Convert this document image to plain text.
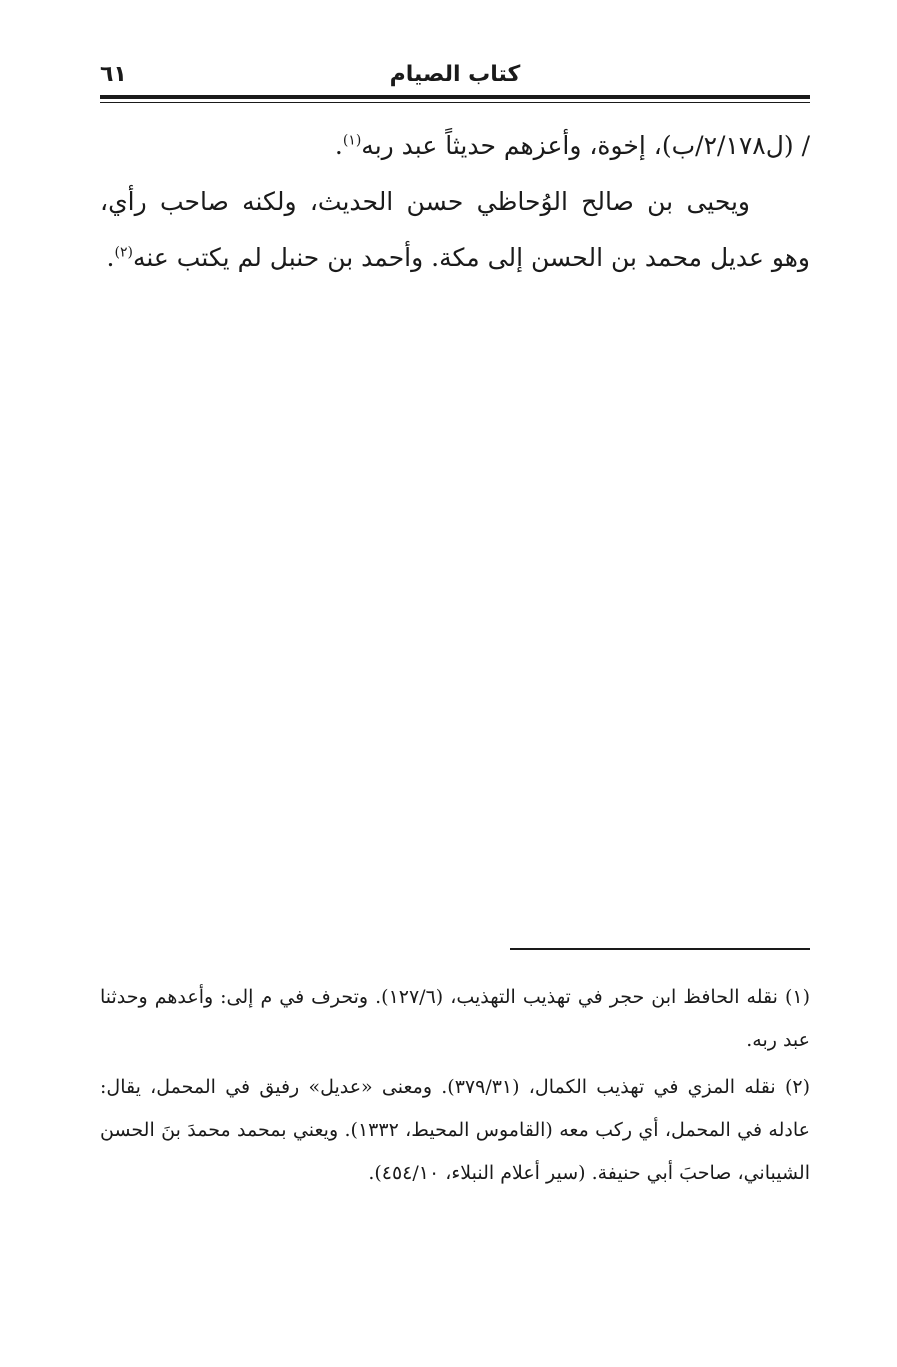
كتاب الصيام
٦١

/ (ل٢/١٧٨/ب)، إخوة، وأعزهم حديثاً عبد ربه$^{(١)}$.

ويحيى بن صالح الوُحاظي حسن الحديث، ولكنه صاحب رأي، وهو عديل محمد بن الحسن إلى مكة. وأحمد بن حنبل لم يكتب عنه$^{(٢)}$.

(١) نقله الحافظ ابن حجر في تهذيب التهذيب، (١٢٧/٦). وتحرف في م إلى: وأعدهم وحدثنا عبد ربه.

(٢) نقله المزي في تهذيب الكمال، (٣٧٩/٣١). ومعنى «عديل» رفيق في المحمل، يقال: عادله في المحمل، أي ركب معه (القاموس المحيط، ١٣٣٢). ويعني بمحمد محمدَ بنَ الحسن الشيباني، صاحبَ أبي حنيفة. (سير أعلام النبلاء، ٤٥٤/١٠).
